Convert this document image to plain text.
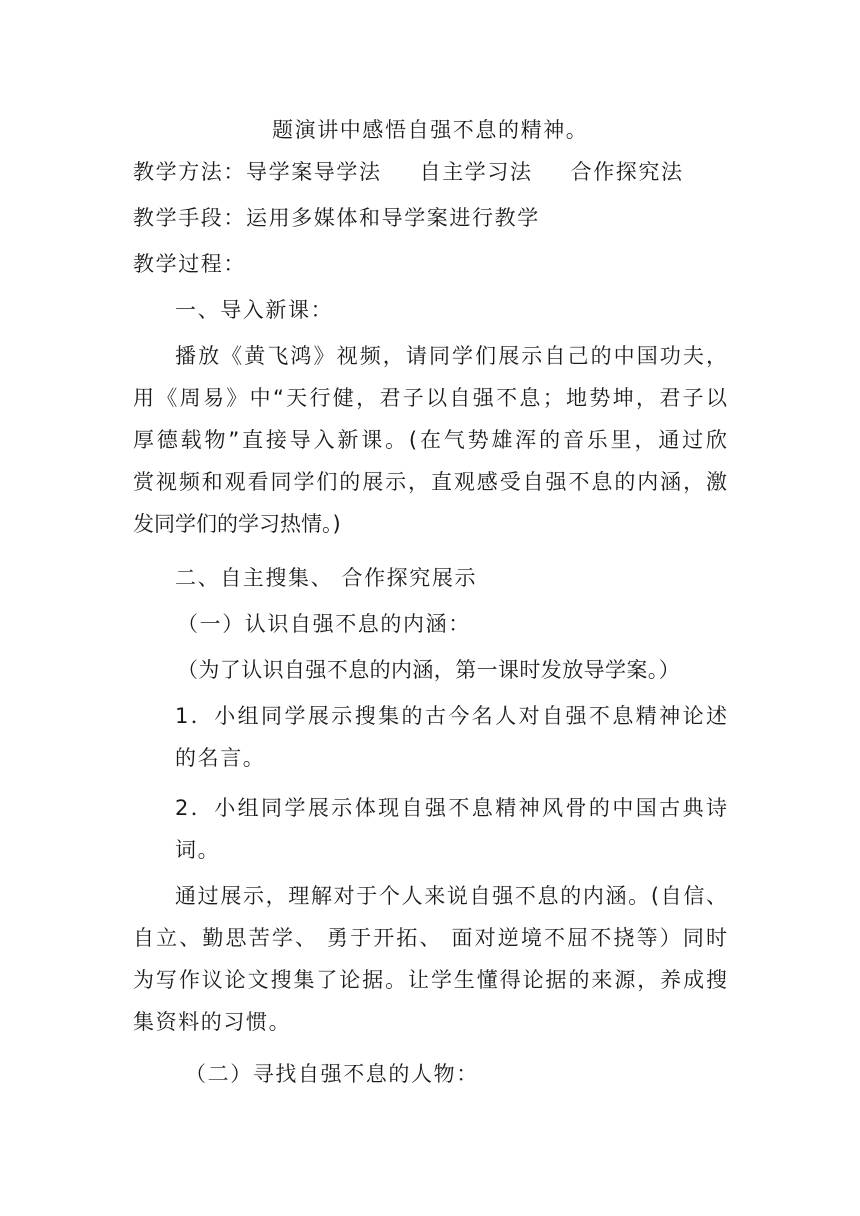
题演讲中感悟自强不息的精神。
教学方法：导学案导学法 自主学习法 合作探究法
教学手段：运用多媒体和导学案进行教学
教学过程：
一、导入新课：
播放《黄飞鸿》视频，请同学们展示自己的中国功夫，
用《周易》中“天行健，君子以自强不息；地势坤，君子以
厚德载物”直接导入新课。(在气势雄浑的音乐里，通过欣
赏视频和观看同学们的展示，直观感受自强不息的内涵，激
发同学们的学习热情。)
二、自主搜集、 合作探究展示
（一）认识自强不息的内涵：
（为了认识自强不息的内涵，第一课时发放导学案。）
1．小组同学展示搜集的古今名人对自强不息精神论述
的名言。
2．小组同学展示体现自强不息精神风骨的中国古典诗
词。
通过展示，理解对于个人来说自强不息的内涵。(自信、
自立、勤思苦学、 勇于开拓、 面对逆境不屈不挠等）同时
为写作议论文搜集了论据。让学生懂得论据的来源，养成搜
集资料的习惯。
（二）寻找自强不息的人物：
